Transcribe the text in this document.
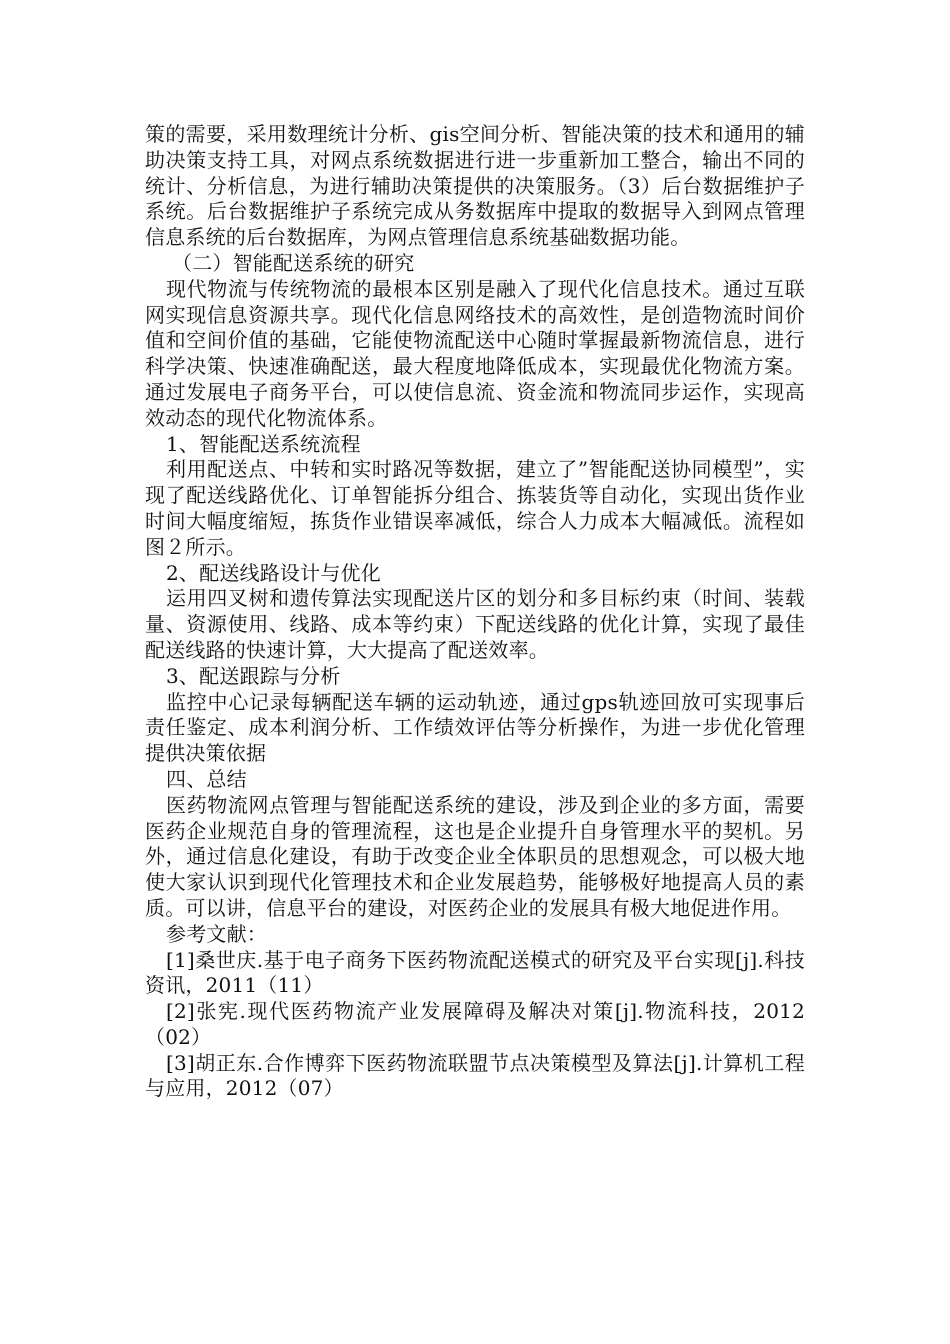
策的需要，采用数理统计分析、gis空间分析、智能决策的技术和通用的辅助决策支持工具，对网点系统数据进行进一步重新加工整合，输出不同的统计、分析信息，为进行辅助决策提供的决策服务。（3）后台数据维护子系统。后台数据维护子系统完成从务数据库中提取的数据导入到网点管理信息系统的后台数据库，为网点管理信息系统基础数据功能。

（二）智能配送系统的研究

现代物流与传统物流的最根本区别是融入了现代化信息技术。通过互联网实现信息资源共享。现代化信息网络技术的高效性，是创造物流时间价值和空间价值的基础，它能使物流配送中心随时掌握最新物流信息，进行科学决策、快速准确配送，最大程度地降低成本，实现最优化物流方案。通过发展电子商务平台，可以使信息流、资金流和物流同步运作，实现高效动态的现代化物流体系。

1、智能配送系统流程

利用配送点、中转和实时路况等数据，建立了”智能配送协同模型”，实现了配送线路优化、订单智能拆分组合、拣装货等自动化，实现出货作业时间大幅度缩短，拣货作业错误率减低，综合人力成本大幅减低。流程如图２所示。

2、配送线路设计与优化

运用四叉树和遗传算法实现配送片区的划分和多目标约束（时间、装载量、资源使用、线路、成本等约束）下配送线路的优化计算，实现了最佳配送线路的快速计算，大大提高了配送效率。

3、配送跟踪与分析

监控中心记录每辆配送车辆的运动轨迹，通过gps轨迹回放可实现事后责任鉴定、成本利润分析、工作绩效评估等分析操作，为进一步优化管理提供决策依据

四、总结

医药物流网点管理与智能配送系统的建设，涉及到企业的多方面，需要医药企业规范自身的管理流程，这也是企业提升自身管理水平的契机。另外，通过信息化建设，有助于改变企业全体职员的思想观念，可以极大地使大家认识到现代化管理技术和企业发展趋势，能够极好地提高人员的素质。可以讲，信息平台的建设，对医药企业的发展具有极大地促进作用。

参考文献：

[1]桑世庆.基于电子商务下医药物流配送模式的研究及平台实现[j].科技资讯，2011（11）

[2]张宪.现代医药物流产业发展障碍及解决对策[j].物流科技，2012（02）

[3]胡正东.合作博弈下医药物流联盟节点决策模型及算法[j].计算机工程与应用，2012（07）
